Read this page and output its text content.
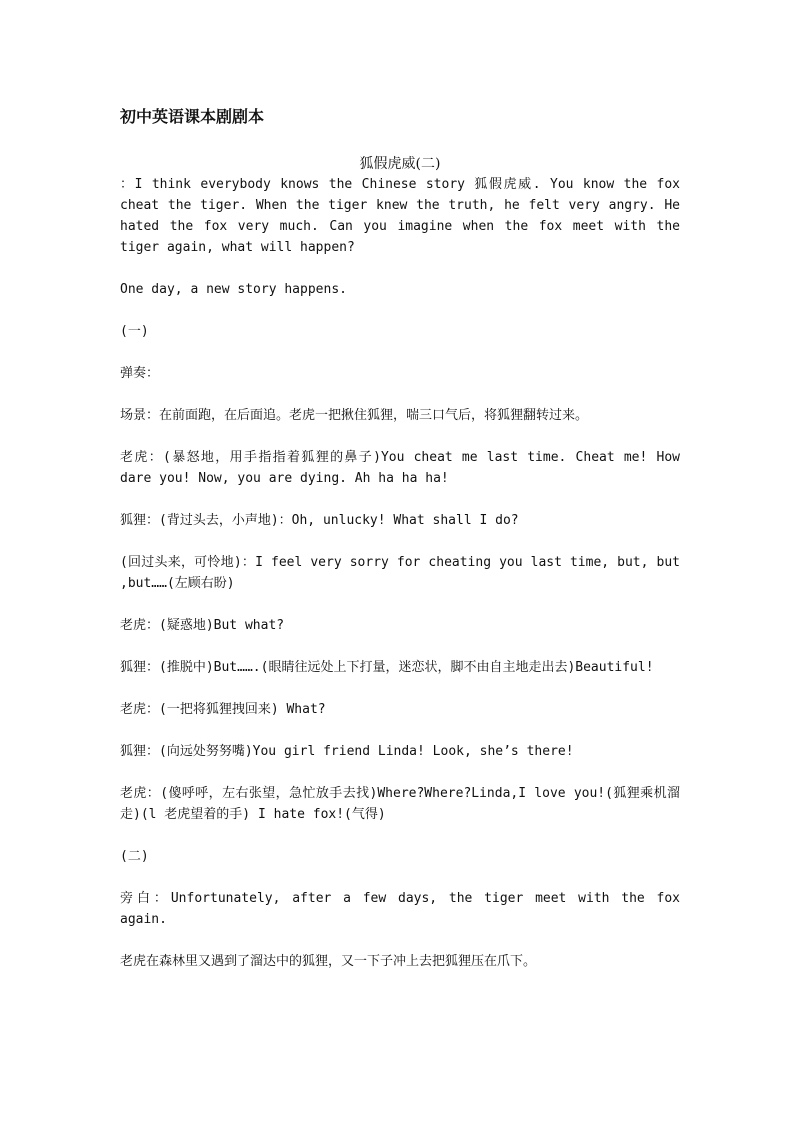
初中英语课本剧剧本
狐假虎威(二)

：I think everybody knows the Chinese story 狐假虎威. You know the fox cheat the tiger. When the tiger knew the truth, he felt very angry. He hated the fox very much. Can you imagine when the fox meet with the tiger again, what will happen?

One day, a new story happens.

(一)

弹奏：

场景：在前面跑，在后面追。老虎一把揪住狐狸，喘三口气后，将狐狸翻转过来。

老虎：(暴怒地，用手指指着狐狸的鼻子)You cheat me last time. Cheat me! How dare you! Now, you are dying. Ah ha ha ha!

狐狸：(背过头去，小声地)：Oh, unlucky! What shall I do?

(回过头来，可怜地)：I feel very sorry for cheating you last time, but, but ,but……(左顾右盼)

老虎：(疑惑地)But what?

狐狸：(推脱中)But…….(眼睛往远处上下打量，迷恋状，脚不由自主地走出去)Beautiful!

老虎：(一把将狐狸拽回来) What?

狐狸：(向远处努努嘴)You girl friend Linda! Look, she’s there!

老虎：(傻呼呼，左右张望，急忙放手去找)Where?Where?Linda,I love you!(狐狸乘机溜走)(l 老虎望着的手) I hate fox!(气得)

(二)

旁白：Unfortunately, after a few days, the tiger meet with the fox again.

老虎在森林里又遇到了溜达中的狐狸，又一下子冲上去把狐狸压在爪下。
